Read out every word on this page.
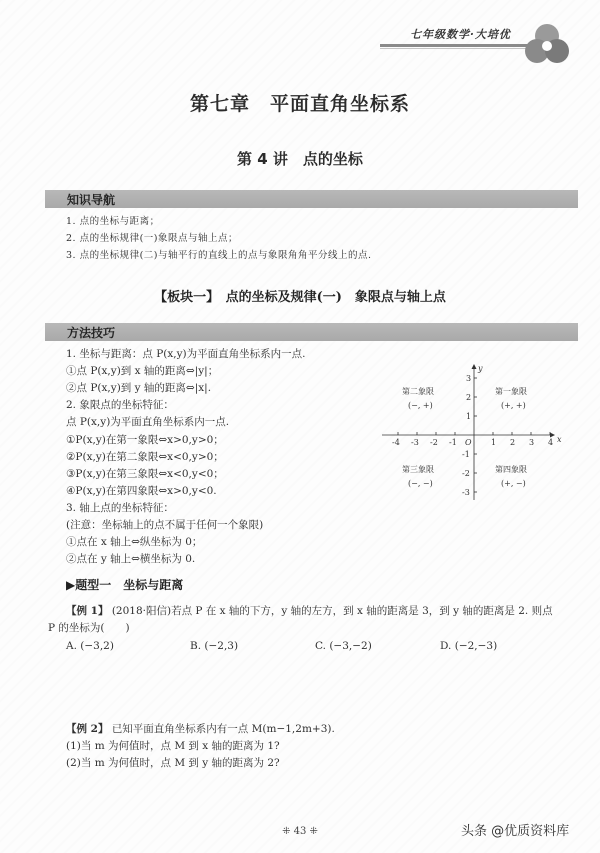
七年级数学·大培优
第七章　平面直角坐标系
第 4 讲　点的坐标
知识导航
1. 点的坐标与距离；
2. 点的坐标规律(一)象限点与轴上点；
3. 点的坐标规律(二)与轴平行的直线上的点与象限角角平分线上的点.
【板块一】　点的坐标及规律(一)　象限点与轴上点
方法技巧
1. 坐标与距离：点 P(x,y)为平面直角坐标系内一点.
①点 P(x,y)到 x 轴的距离⇔|y|；
②点 P(x,y)到 y 轴的距离⇔|x|.
2. 象限点的坐标特征：
点 P(x,y)为平面直角坐标系内一点.
①P(x,y)在第一象限⇔x>0,y>0；
②P(x,y)在第二象限⇔x<0,y>0；
③P(x,y)在第三象限⇔x<0,y<0；
④P(x,y)在第四象限⇔x>0,y<0.
3. 轴上点的坐标特征：
(注意：坐标轴上的点不属于任何一个象限)
①点在 x 轴上⇔纵坐标为 0；
②点在 y 轴上⇔横坐标为 0.
y
x
O
-4 -3 -2 -1	1 2 3 4
3
2
1
-1
-2
-3
第一象限
(+, +)
第二象限
(−, +)
第三象限
(−, −)
第四象限
(+, −)
▶题型一　坐标与距离
【例 1】 (2018·阳信)若点 P 在 x 轴的下方，y 轴的左方，到 x 轴的距离是 3，到 y 轴的距离是 2. 则点
P 的坐标为(　　)
A. (−3,2)	B. (−2,3)	C. (−3,−2)	D. (−2,−3)
【例 2】 已知平面直角坐标系内有一点 M(m−1,2m+3).
(1)当 m 为何值时，点 M 到 x 轴的距离为 1?
(2)当 m 为何值时，点 M 到 y 轴的距离为 2?
⁜ 43 ⁜	头条 @优质资料库
